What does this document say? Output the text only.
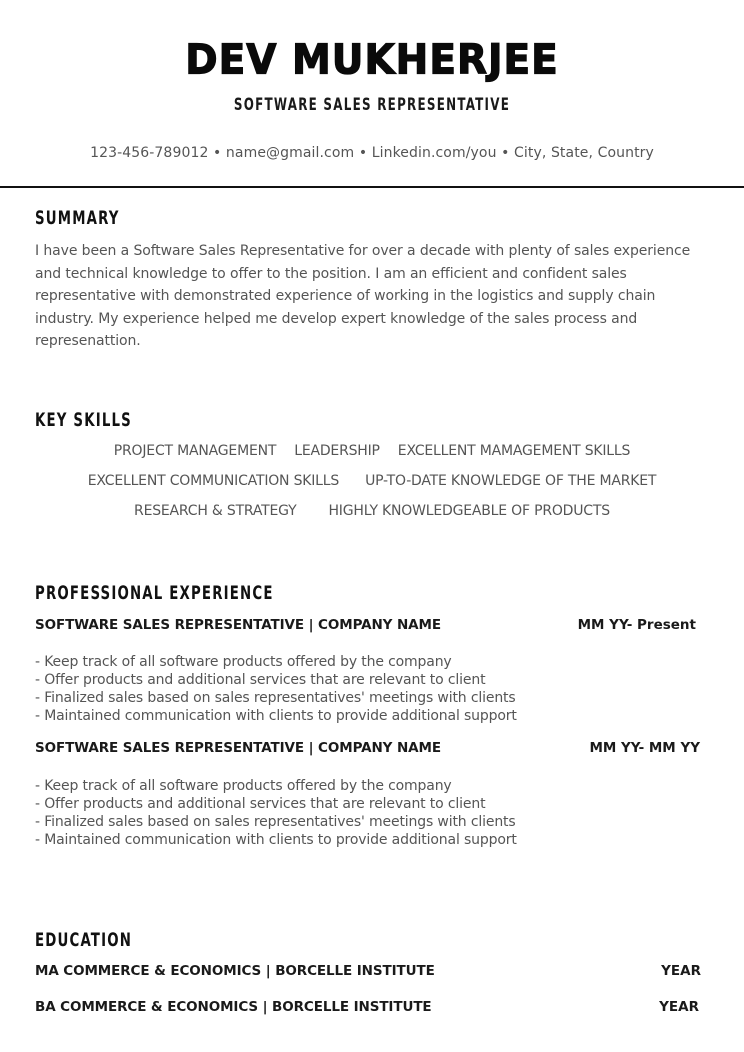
DEV MUKHERJEE
SOFTWARE SALES REPRESENTATIVE
123-456-789012 • name@gmail.com • Linkedin.com/you • City, State, Country
SUMMARY

I have been a Software Sales Representative for over a decade with plenty of sales experience and technical knowledge to offer to the position. I am an efficient and confident sales representative with demonstrated experience of working in the logistics and supply chain industry. My experience helped me develop expert knowledge of the sales process and represenattion.

KEY SKILLS
PROJECT MANAGEMENT LEADERSHIP EXCELLENT MAMAGEMENT SKILLS
EXCELLENT COMMUNICATION SKILLS UP-TO-DATE KNOWLEDGE OF THE MARKET
RESEARCH & STRATEGY HIGHLY KNOWLEDGEABLE OF PRODUCTS
PROFESSIONAL EXPERIENCE
SOFTWARE SALES REPRESENTATIVE | COMPANY NAME	MM YY- Present
- Keep track of all software products offered by the company
- Offer products and additional services that are relevant to client
- Finalized sales based on sales representatives' meetings with clients
- Maintained communication with clients to provide additional support
SOFTWARE SALES REPRESENTATIVE | COMPANY NAME	MM YY- MM YY
- Keep track of all software products offered by the company
- Offer products and additional services that are relevant to client
- Finalized sales based on sales representatives' meetings with clients
- Maintained communication with clients to provide additional support
EDUCATION
MA COMMERCE & ECONOMICS | BORCELLE INSTITUTE	YEAR
BA COMMERCE & ECONOMICS | BORCELLE INSTITUTE	YEAR
